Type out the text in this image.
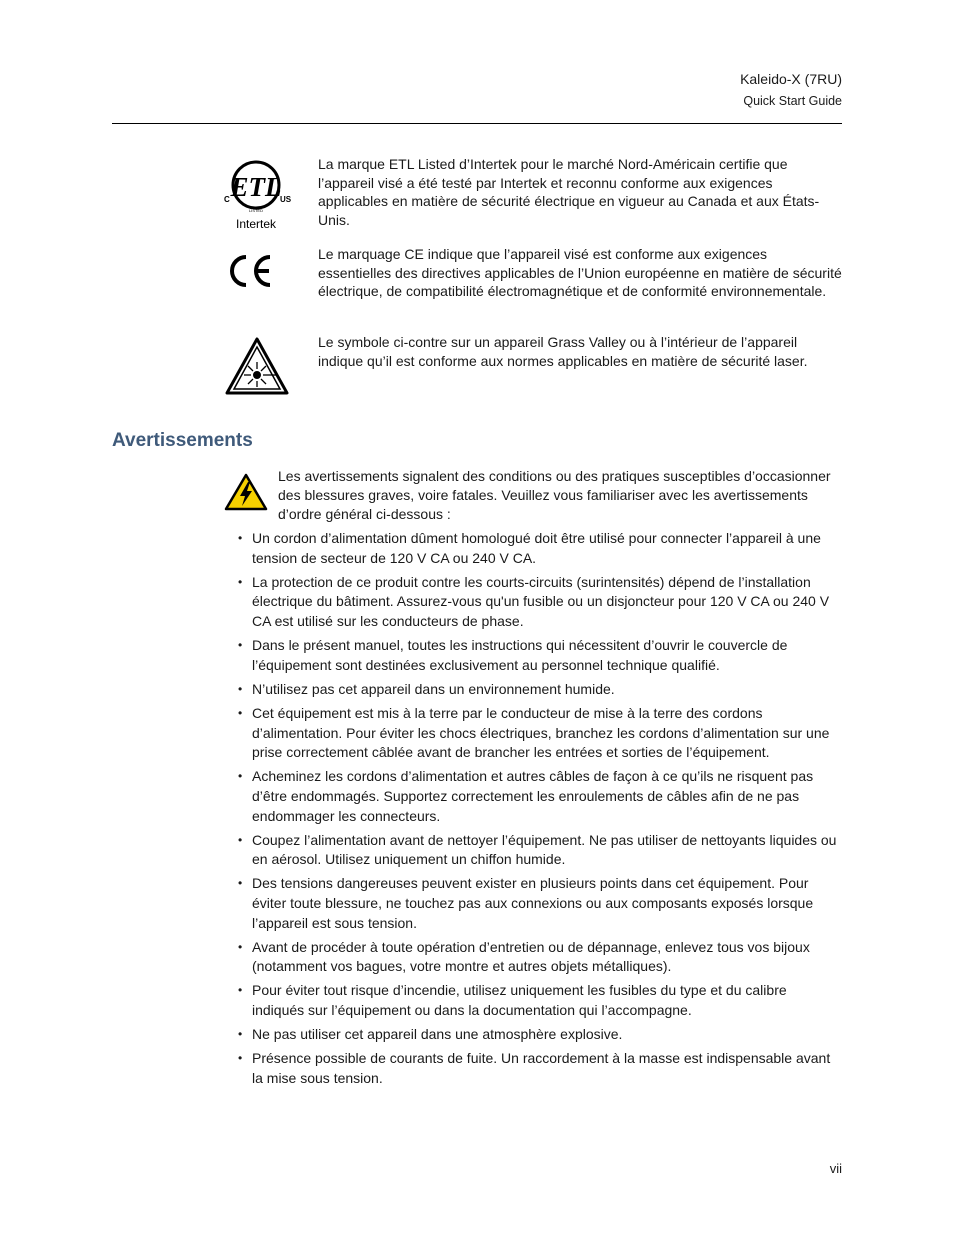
Kaleido-X (7RU)
Quick Start Guide
ETL
C	US
LISTED
Intertek
La marque ETL Listed d’Intertek pour le marché Nord-Américain certifie que l’appareil visé a été testé par Intertek et reconnu conforme aux exigences applicables en matière de sécurité électrique en vigueur au Canada et aux États-Unis.
Le marquage CE indique que l’appareil visé est conforme aux exigences essentielles des directives applicables de l’Union européenne en matière de sécurité électrique, de compatibilité électromagnétique et de conformité environnementale.
Le symbole ci-contre sur un appareil Grass Valley ou à l’intérieur de l’appareil indique qu’il est conforme aux normes applicables en matière de sécurité laser.
Avertissements
Les avertissements signalent des conditions ou des pratiques susceptibles d’occasionner des blessures graves, voire fatales. Veuillez vous familiariser avec les avertissements d’ordre général ci-dessous :
• Un cordon d’alimentation dûment homologué doit être utilisé pour connecter l’appareil à une tension de secteur de 120 V CA ou 240 V CA.
• La protection de ce produit contre les courts-circuits (surintensités) dépend de l’installation électrique du bâtiment. Assurez-vous qu'un fusible ou un disjoncteur pour 120 V CA ou 240 V CA est utilisé sur les conducteurs de phase.
• Dans le présent manuel, toutes les instructions qui nécessitent d’ouvrir le couvercle de l’équipement sont destinées exclusivement au personnel technique qualifié.
• N’utilisez pas cet appareil dans un environnement humide.
• Cet équipement est mis à la terre par le conducteur de mise à la terre des cordons d’alimentation. Pour éviter les chocs électriques, branchez les cordons d’alimentation sur une prise correctement câblée avant de brancher les entrées et sorties de l’équipement.
• Acheminez les cordons d’alimentation et autres câbles de façon à ce qu’ils ne risquent pas d’être endommagés. Supportez correctement les enroulements de câbles afin de ne pas endommager les connecteurs.
• Coupez l’alimentation avant de nettoyer l’équipement. Ne pas utiliser de nettoyants liquides ou en aérosol. Utilisez uniquement un chiffon humide.
• Des tensions dangereuses peuvent exister en plusieurs points dans cet équipement. Pour éviter toute blessure, ne touchez pas aux connexions ou aux composants exposés lorsque l’appareil est sous tension.
• Avant de procéder à toute opération d’entretien ou de dépannage, enlevez tous vos bijoux (notamment vos bagues, votre montre et autres objets métalliques).
• Pour éviter tout risque d’incendie, utilisez uniquement les fusibles du type et du calibre indiqués sur l’équipement ou dans la documentation qui l’accompagne.
• Ne pas utiliser cet appareil dans une atmosphère explosive.
• Présence possible de courants de fuite. Un raccordement à la masse est indispensable avant la mise sous tension.
vii
